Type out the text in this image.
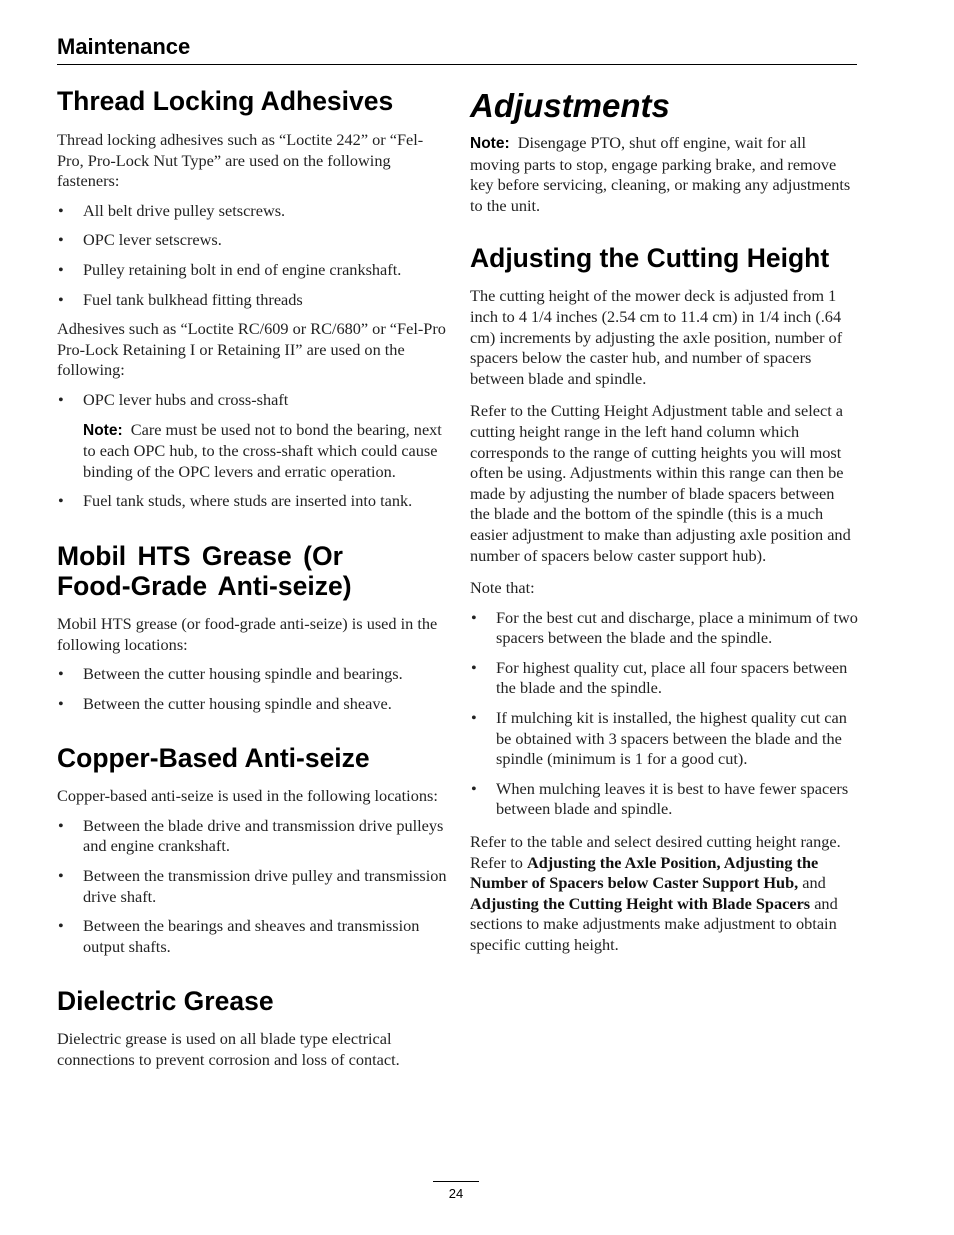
Maintenance
Thread Locking Adhesives

Thread locking adhesives such as “Loctite 242” or “Fel-Pro, Pro-Lock Nut Type” are used on the following fasteners:

• All belt drive pulley setscrews.
• OPC lever setscrews.
• Pulley retaining bolt in end of engine crankshaft.
• Fuel tank bulkhead fitting threads

Adhesives such as “Loctite RC/609 or RC/680” or “Fel-Pro Pro-Lock Retaining I or Retaining II” are used on the following:

• OPC lever hubs and cross-shaft

Note: Care must be used not to bond the bearing, next to each OPC hub, to the cross-shaft which could cause binding of the OPC levers and erratic operation.

• Fuel tank studs, where studs are inserted into tank.
Mobil HTS Grease (Or
Food-Grade Anti-seize)

Mobil HTS grease (or food-grade anti-seize) is used in the following locations:

• Between the cutter housing spindle and bearings.
• Between the cutter housing spindle and sheave.
Copper-Based Anti-seize

Copper-based anti-seize is used in the following locations:

• Between the blade drive and transmission drive pulleys and engine crankshaft.
• Between the transmission drive pulley and transmission drive shaft.
• Between the bearings and sheaves and transmission output shafts.
Dielectric Grease

Dielectric grease is used on all blade type electrical connections to prevent corrosion and loss of contact.

Adjustments

Note: Disengage PTO, shut off engine, wait for all moving parts to stop, engage parking brake, and remove key before servicing, cleaning, or making any adjustments to the unit.

Adjusting the Cutting Height

The cutting height of the mower deck is adjusted from 1 inch to 4 1/4 inches (2.54 cm to 11.4 cm) in 1/4 inch (.64 cm) increments by adjusting the axle position, number of spacers below the caster hub, and number of spacers between blade and spindle.

Refer to the Cutting Height Adjustment table and select a cutting height range in the left hand column which corresponds to the range of cutting heights you will most often be using. Adjustments within this range can then be made by adjusting the number of blade spacers between the blade and the bottom of the spindle (this is a much easier adjustment to make than adjusting axle position and number of spacers below caster support hub).

Note that:

• For the best cut and discharge, place a minimum of two spacers between the blade and the spindle.
• For highest quality cut, place all four spacers between the blade and the spindle.
• If mulching kit is installed, the highest quality cut can be obtained with 3 spacers between the blade and the spindle (minimum is 1 for a good cut).
• When mulching leaves it is best to have fewer spacers between blade and spindle.

Refer to the table and select desired cutting height range. Refer to Adjusting the Axle Position, Adjusting the Number of Spacers below Caster Support Hub, and Adjusting the Cutting Height with Blade Spacers and sections to make adjustments make adjustment to obtain specific cutting height.

24
